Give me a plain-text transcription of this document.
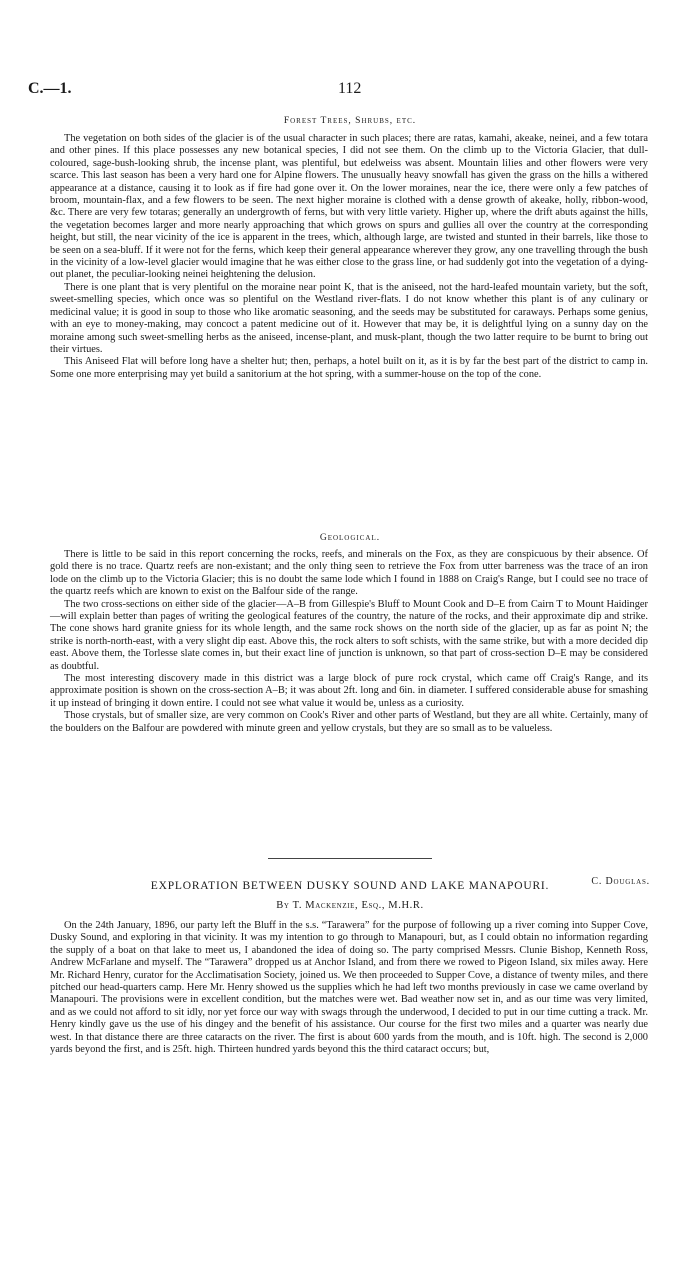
C.—1.	112
Forest Trees, Shrubs, etc.

The vegetation on both sides of the glacier is of the usual character in such places; there are ratas, kamahi, akeake, neinei, and a few totara and other pines. If this place possesses any new botanical species, I did not see them. On the climb up to the Victoria Glacier, that dull-coloured, sage-bush-looking shrub, the incense plant, was plentiful, but edelweiss was absent. Mountain lilies and other flowers were very scarce. This last season has been a very hard one for Alpine flowers. The unusually heavy snowfall has given the grass on the hills a withered appearance at a distance, causing it to look as if fire had gone over it. On the lower moraines, near the ice, there were only a few patches of broom, mountain-flax, and a few flowers to be seen. The next higher moraine is clothed with a dense growth of akeake, holly, ribbon-wood, &c. There are very few totaras; generally an undergrowth of ferns, but with very little variety. Higher up, where the drift abuts against the hills, the vegetation becomes larger and more nearly approaching that which grows on spurs and gullies all over the country at the corresponding height, but still, the near vicinity of the ice is apparent in the trees, which, although large, are twisted and stunted in their barrels, like those to be seen on a sea-bluff. If it were not for the ferns, which keep their general appearance wherever they grow, any one travelling through the bush in the vicinity of a low-level glacier would imagine that he was either close to the grass line, or had suddenly got into the vegetation of a dying-out planet, the peculiar-looking neinei heightening the delusion.

There is one plant that is very plentiful on the moraine near point K, that is the aniseed, not the hard-leafed mountain variety, but the soft, sweet-smelling species, which once was so plentiful on the Westland river-flats. I do not know whether this plant is of any culinary or medicinal value; it is good in soup to those who like aromatic seasoning, and the seeds may be substituted for caraways. Perhaps some genius, with an eye to money-making, may concoct a patent medicine out of it. However that may be, it is delightful lying on a sunny day on the moraine among such sweet-smelling herbs as the aniseed, incense-plant, and musk-plant, though the two latter require to be burnt to bring out their virtues.

This Aniseed Flat will before long have a shelter hut; then, perhaps, a hotel built on it, as it is by far the best part of the district to camp in. Some one more enterprising may yet build a sanitorium at the hot spring, with a summer-house on the top of the cone.

Geological.

There is little to be said in this report concerning the rocks, reefs, and minerals on the Fox, as they are conspicuous by their absence. Of gold there is no trace. Quartz reefs are non-existant; and the only thing seen to retrieve the Fox from utter barreness was the trace of an iron lode on the climb up to the Victoria Glacier; this is no doubt the same lode which I found in 1888 on Craig's Range, but I could see no trace of the quartz reefs which are known to exist on the Balfour side of the range.

The two cross-sections on either side of the glacier—A–B from Gillespie's Bluff to Mount Cook and D–E from Cairn T to Mount Haidinger—will explain better than pages of writing the geological features of the country, the nature of the rocks, and their approximate dip and strike. The cone shows hard granite gniess for its whole length, and the same rock shows on the north side of the glacier, up as far as point N; the strike is north-north-east, with a very slight dip east. Above this, the rock alters to soft schists, with the same strike, but with a more decided dip east. Above them, the Torlesse slate comes in, but their exact line of junction is unknown, so that part of cross-section D–E may be considered as doubtful.

The most interesting discovery made in this district was a large block of pure rock crystal, which came off Craig's Range, and its approximate position is shown on the cross-section A–B; it was about 2ft. long and 6in. in diameter. I suffered considerable abuse for smashing it up instead of bringing it down entire. I could not see what value it would be, unless as a curiosity.

Those crystals, but of smaller size, are very common on Cook's River and other parts of Westland, but they are all white. Certainly, many of the boulders on the Balfour are powdered with minute green and yellow crystals, but they are so small as to be valueless.

C. Douglas.
EXPLORATION BETWEEN DUSKY SOUND AND LAKE MANAPOURI.
By T. Mackenzie, Esq., M.H.R.

On the 24th January, 1896, our party left the Bluff in the s.s. “Tarawera” for the purpose of following up a river coming into Supper Cove, Dusky Sound, and exploring in that vicinity. It was my intention to go through to Manapouri, but, as I could obtain no information regarding the supply of a boat on that lake to meet us, I abandoned the idea of doing so. The party comprised Messrs. Clunie Bishop, Kenneth Ross, Andrew McFarlane and myself. The “Tarawera” dropped us at Anchor Island, and from there we rowed to Pigeon Island, six miles away. Here Mr. Richard Henry, curator for the Acclimatisation Society, joined us. We then proceeded to Supper Cove, a distance of twenty miles, and there pitched our head-quarters camp. Here Mr. Henry showed us the supplies which he had left two months previously in case we came overland by Manapouri. The provisions were in excellent condition, but the matches were wet. Bad weather now set in, and as our time was very limited, and as we could not afford to sit idly, nor yet force our way with swags through the underwood, I decided to put in our time cutting a track. Mr. Henry kindly gave us the use of his dingey and the benefit of his assistance. Our course for the first two miles and a quarter was nearly due west. In that distance there are three cataracts on the river. The first is about 600 yards from the mouth, and is 10ft. high. The second is 2,000 yards beyond the first, and is 25ft. high. Thirteen hundred yards beyond this the third cataract occurs; but,
